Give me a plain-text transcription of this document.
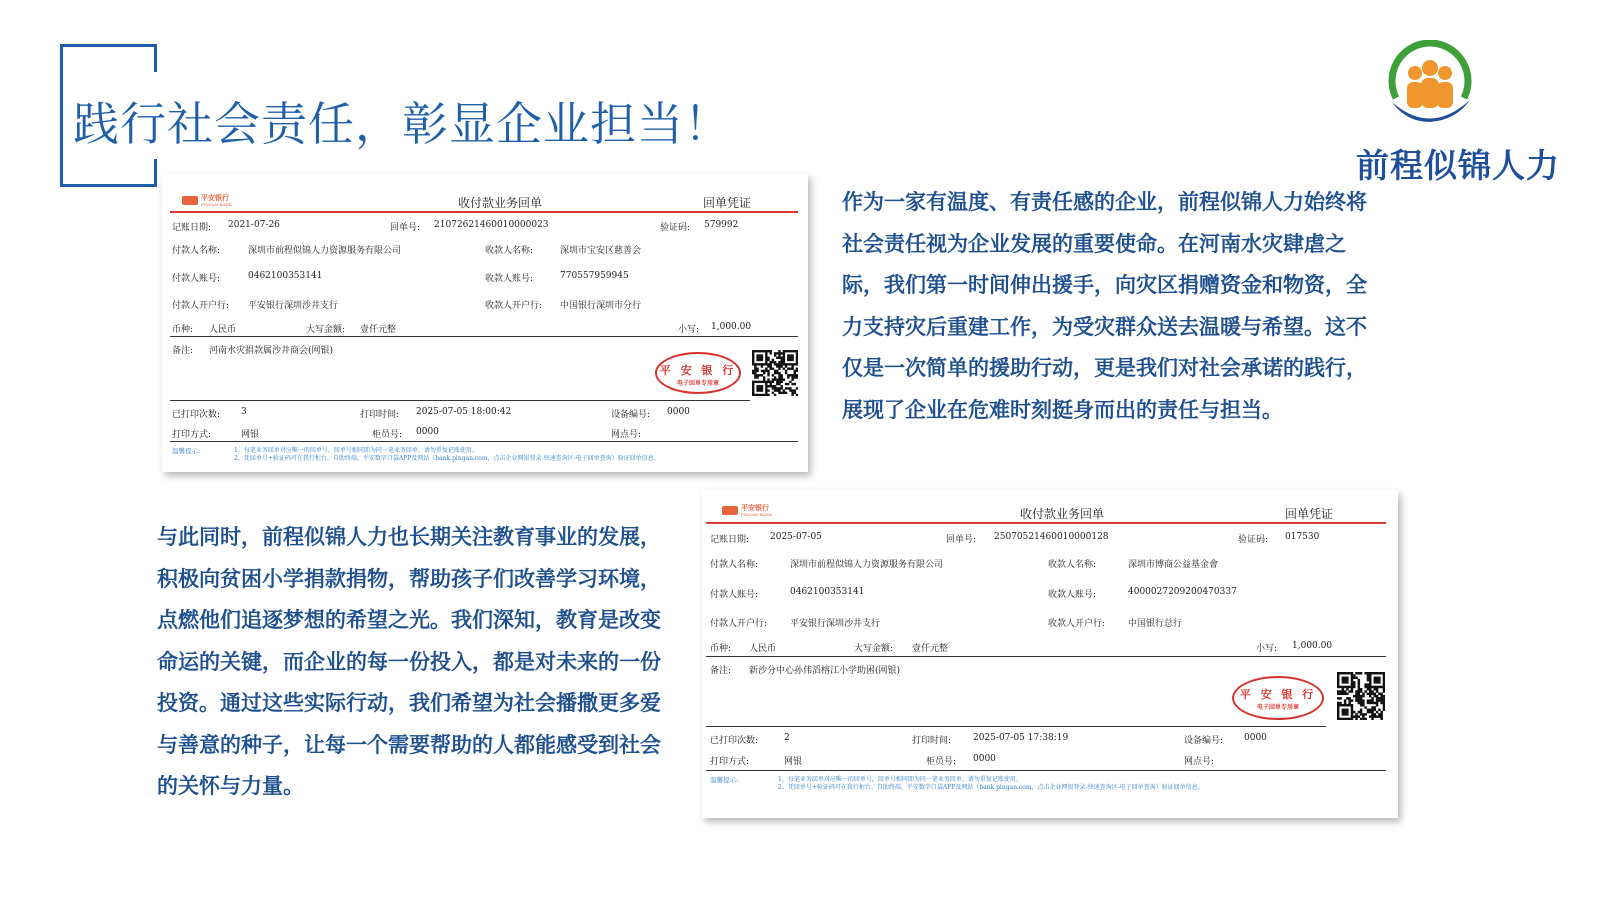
践行社会责任，彰显企业担当！
前程似锦人力

作为一家有温度、有责任感的企业，前程似锦人力始终将社会责任视为企业发展的重要使命。在河南水灾肆虐之际，我们第一时间伸出援手，向灾区捐赠资金和物资，全力支持灾后重建工作，为受灾群众送去温暖与希望。这不仅是一次简单的援助行动，更是我们对社会承诺的践行，展现了企业在危难时刻挺身而出的责任与担当。

与此同时，前程似锦人力也长期关注教育事业的发展，积极向贫困小学捐款捐物，帮助孩子们改善学习环境，点燃他们追逐梦想的希望之光。我们深知，教育是改变命运的关键，而企业的每一份投入，都是对未来的一份投资。通过这些实际行动，我们希望为社会播撒更多爱与善意的种子，让每一个需要帮助的人都能感受到社会的关怀与力量。

平安银行
PINGAN BANK	收付款业务回单	回单凭证
记账日期: 2021-07-26	回单号: 21072621460010000023	验证码: 579992
付款人名称:	深圳市前程似锦人力资源服务有限公司	收款人名称:	深圳市宝安区慈善会
付款人账号:	0462100353141	收款人账号:	770557959945
付款人开户行: 平安银行深圳沙井支行	收款人开户行: 中国银行深圳市分行
币种: 人民币	大写金额: 壹仟元整	小写: 1,000.00
备注: 河南水灾捐款属沙井商会(网银)
平 安 银 行
电子回单专用章
已打印次数: 3	打印时间: 2025-07-05 18:00:42	设备编号: 0000
打印方式:	网银	柜员号: 0000	网点号:
温馨提示:	1、每笔业务回单对应唯一的回单号，回单号相同即为同一笔业务回单，请勿重复记账使用。
2、凭回单号+验证码可在我行柜台、自助终端、平安数字口袋APP及网站（bank.pingan.com，点击企业网银登录-快速查询区-电子回单查询）验证回单信息。
平安银行
PINGAN BANK	收付款业务回单	回单凭证
记账日期: 2025-07-05	回单号: 25070521460010000128	验证码: 017530
付款人名称:	深圳市前程似锦人力资源服务有限公司	收款人名称:	深圳市博商公益基金會
付款人账号:	0462100353141	收款人账号:	4000027209200470337
付款人开户行:	平安银行深圳沙井支行	收款人开户行:	中国银行总行
币种: 人民币	大写金额: 壹仟元整	小写: 1,000.00
备注: 新沙分中心孙伟滔榕江小学助困(网银)
平 安 银 行
电子回单专用章
已打印次数:	2	打印时间: 2025-07-05 17:38:19	设备编号: 0000
打印方式:	网银	柜员号: 0000	网点号:
温馨提示:	1、每笔业务回单对应唯一的回单号，回单号相同即为同一笔业务回单，请勿重复记账使用。
2、凭回单号+验证码可在我行柜台、自助终端、平安数字口袋APP及网站（bank.pingan.com，点击企业网银登录-快速查询区-电子回单查询）验证回单信息。
